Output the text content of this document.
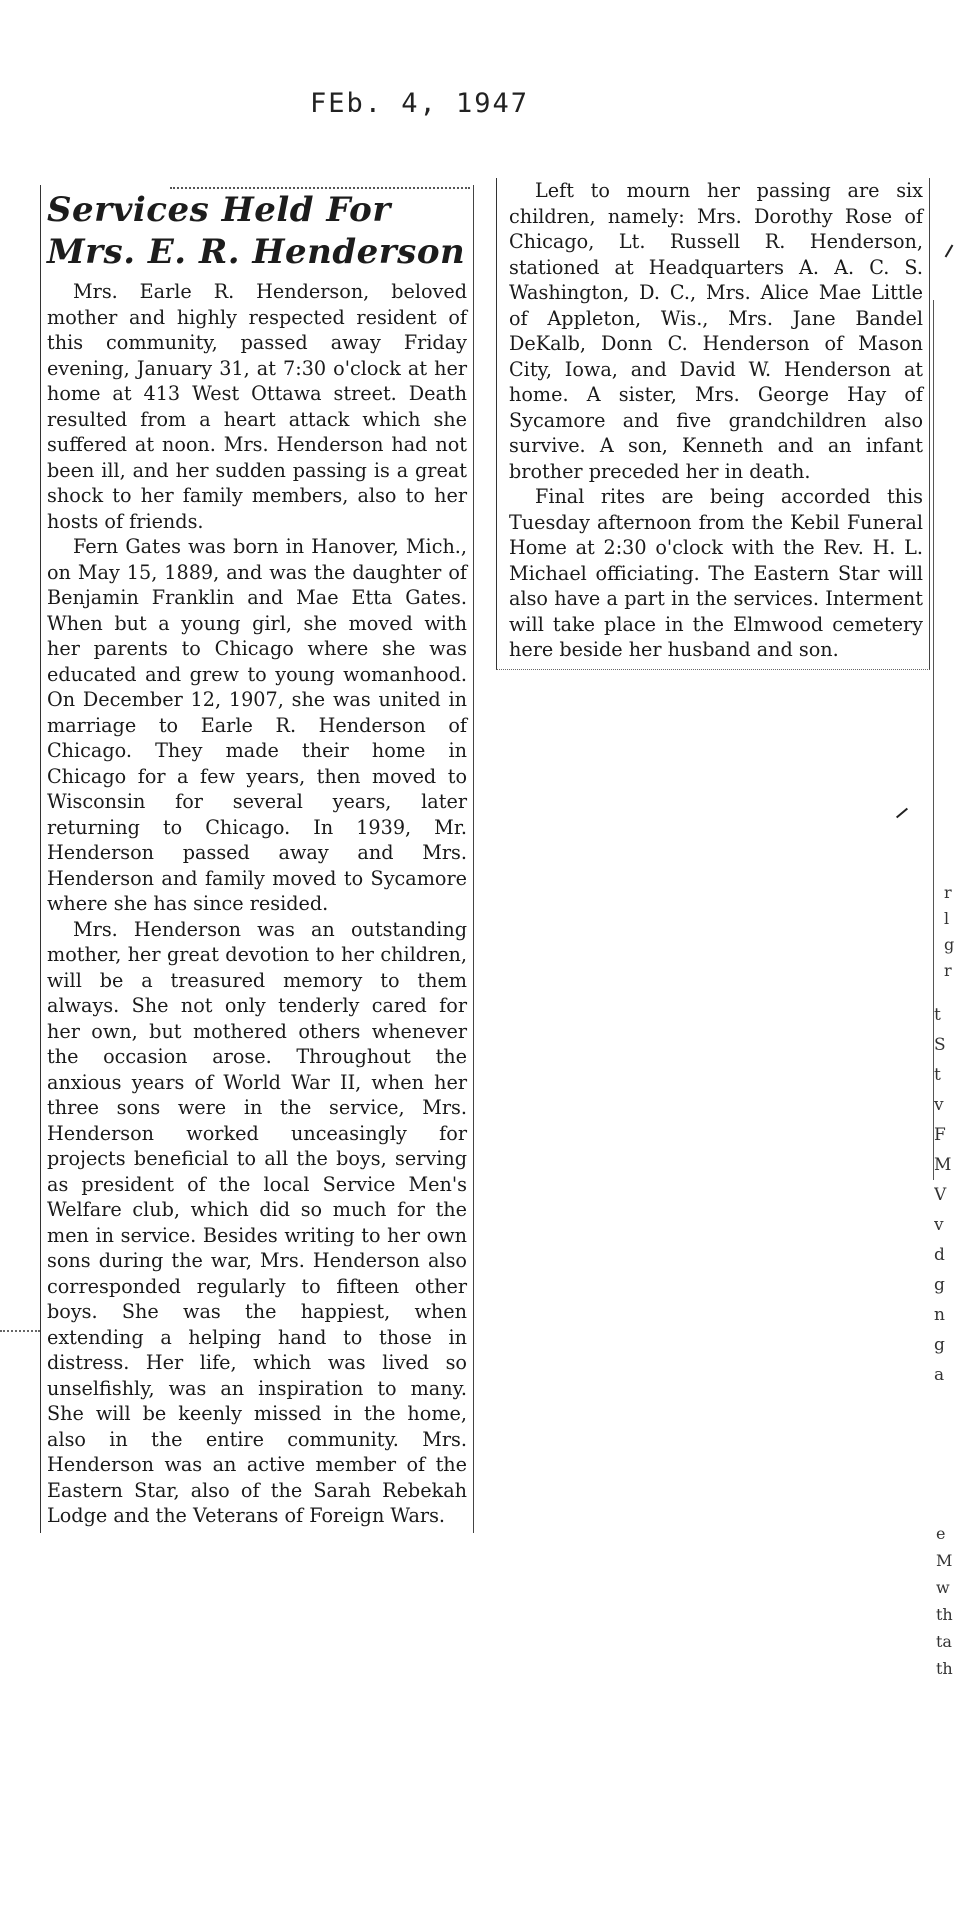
FEb. 4, 1947
Services Held For
Mrs. E. R. Henderson

Mrs. Earle R. Henderson, beloved mother and highly respected resident of this community, passed away Friday evening, January 31, at 7:30 o'clock at her home at 413 West Ottawa street. Death resulted from a heart attack which she suffered at noon. Mrs. Henderson had not been ill, and her sudden passing is a great shock to her family members, also to her hosts of friends.

Fern Gates was born in Hanover, Mich., on May 15, 1889, and was the daughter of Benjamin Franklin and Mae Etta Gates. When but a young girl, she moved with her parents to Chicago where she was educated and grew to young womanhood. On December 12, 1907, she was united in marriage to Earle R. Henderson of Chicago. They made their home in Chicago for a few years, then moved to Wisconsin for several years, later returning to Chicago. In 1939, Mr. Henderson passed away and Mrs. Henderson and family moved to Sycamore where she has since resided.

Mrs. Henderson was an outstanding mother, her great devotion to her children, will be a treasured memory to them always. She not only tenderly cared for her own, but mothered others whenever the occasion arose. Throughout the anxious years of World War II, when her three sons were in the service, Mrs. Henderson worked unceasingly for projects beneficial to all the boys, serving as president of the local Service Men's Welfare club, which did so much for the men in service. Besides writing to her own sons during the war, Mrs. Henderson also corresponded regularly to fifteen other boys. She was the happiest, when extending a helping hand to those in distress. Her life, which was lived so unselfishly, was an inspiration to many. She will be keenly missed in the home, also in the entire community. Mrs. Henderson was an active member of the Eastern Star, also of the Sarah Rebekah Lodge and the Veterans of Foreign Wars.

Left to mourn her passing are six children, namely: Mrs. Dorothy Rose of Chicago, Lt. Russell R. Henderson, stationed at Headquarters A. A. C. S. Washington, D. C., Mrs. Alice Mae Little of Appleton, Wis., Mrs. Jane Bandel DeKalb, Donn C. Henderson of Mason City, Iowa, and David W. Henderson at home. A sister, Mrs. George Hay of Sycamore and five grandchildren also survive. A son, Kenneth and an infant brother preceded her in death.

Final rites are being accorded this Tuesday afternoon from the Kebil Funeral Home at 2:30 o'clock with the Rev. H. L. Michael officiating. The Eastern Star will also have a part in the services. Interment will take place in the Elmwood cemetery here beside her husband and son.

r
l
g
r
t
S
t
v
F
M
V
v
d
g
n
g
a
e
M
w
th
ta
th
